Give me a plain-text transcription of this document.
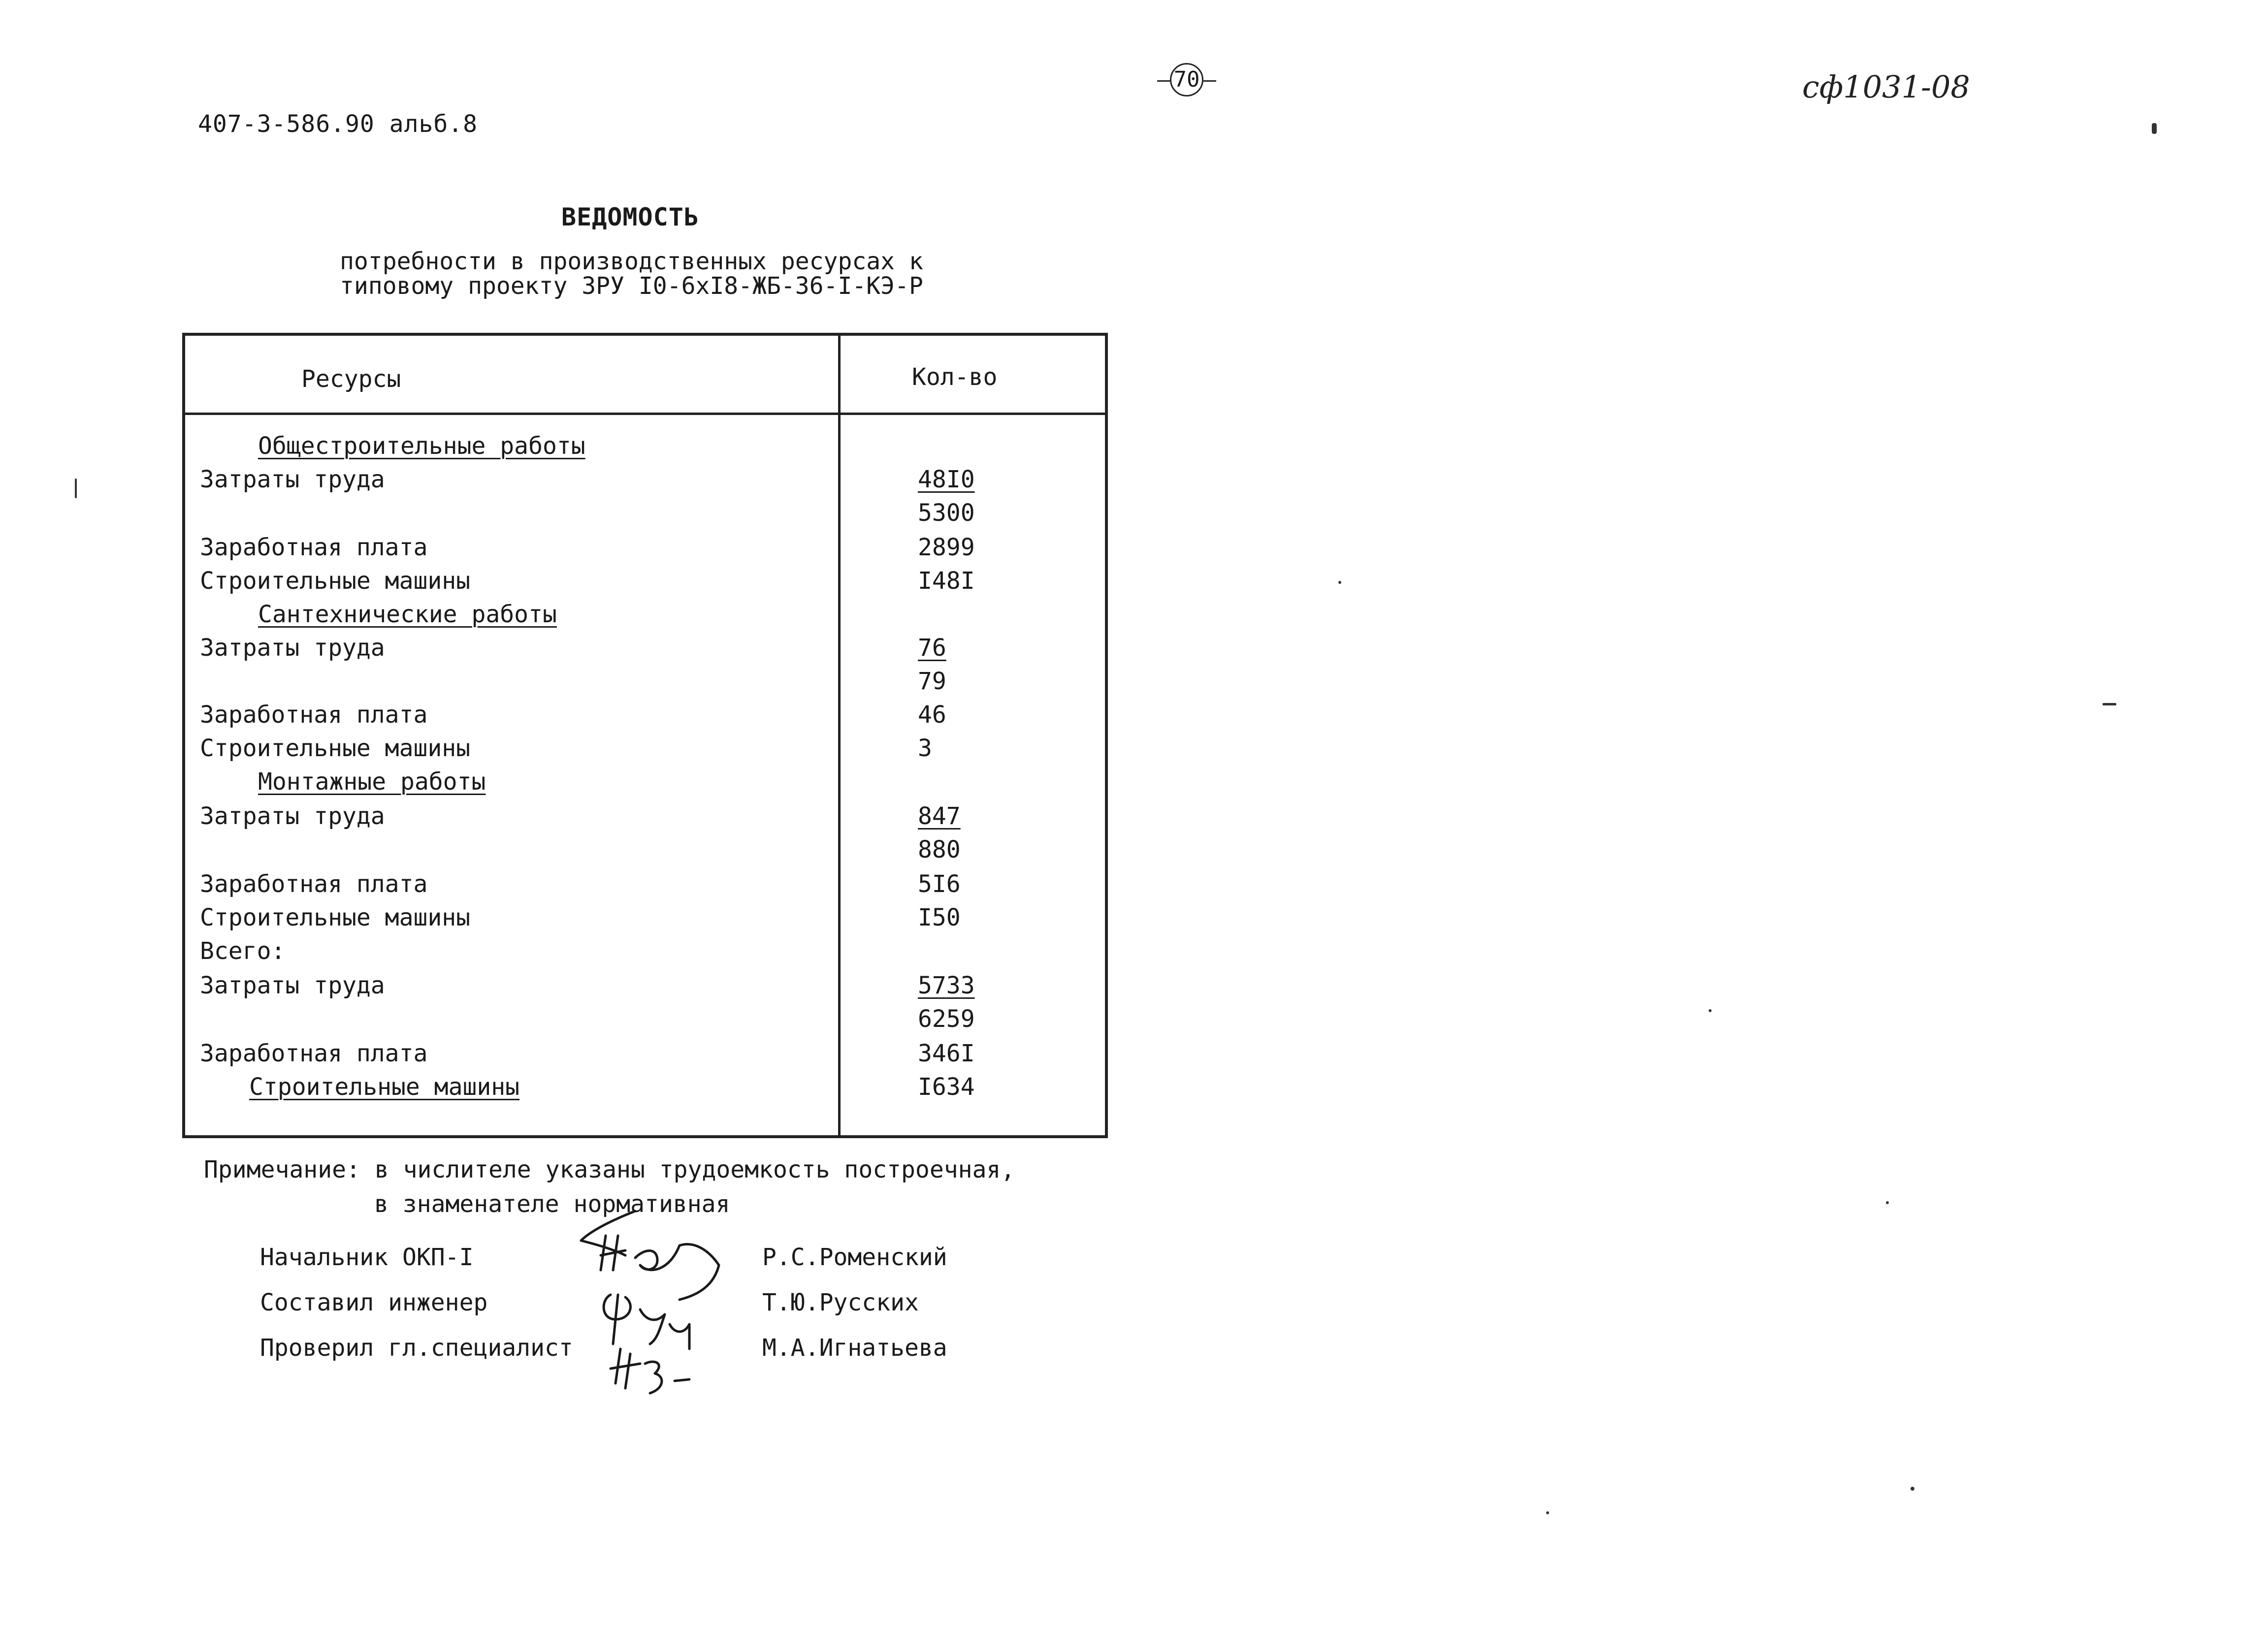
407-3-586.90 альб.8
70	сф1031-08
ВЕДОМОСТЬ
потребности в производственных ресурсах к
типовому проекту ЗРУ I0-6хI8-ЖБ-36-I-КЭ-Р
Ресурсы	Кол-во
Общестроительные работы
Затраты труда	48I0
5300
Заработная плата	2899
Строительные машины	I48I
Сантехнические работы
Затраты труда	76
79
Заработная плата	46
Строительные машины	3
Монтажные работы
Затраты труда	847
880
Заработная плата	5I6
Строительные машины	I50
Всего:
Затраты труда	5733
6259
Заработная плата	346I
Строительные машины	I634
Примечание: в числителе указаны трудоемкость построечная,
в знаменателе нормативная
Начальник ОКП-I	Р.С.Роменский
Составил инженер	Т.Ю.Русских
Проверил гл.специалист	М.А.Игнатьева
